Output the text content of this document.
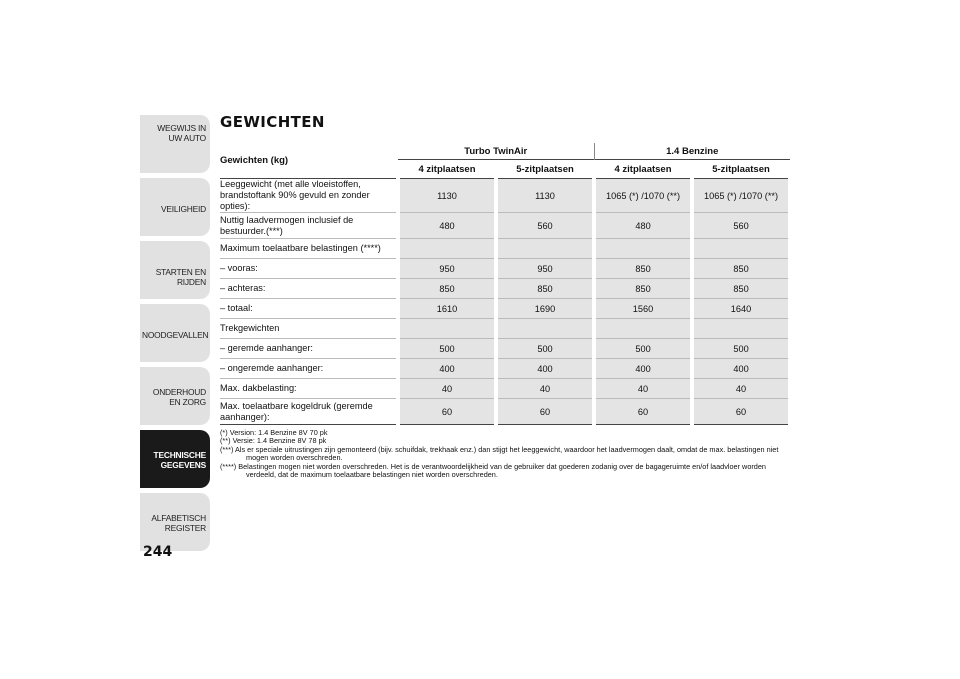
WEGWIJS IN UW AUTO
VEILIGHEID
STARTEN EN RIJDEN
NOODGEVALLEN
ONDERHOUD EN ZORG
TECHNISCHE GEGEVENS
ALFABETISCH REGISTER
244
GEWICHTEN
Gewichten (kg)	Turbo TwinAir		1.4 Benzine	
	4 zitplaatsen	5-zitplaatsen	4 zitplaatsen	5-zitplaatsen
Leeggewicht (met alle vloeistoffen, brandstoftank 90% gevuld en zonder opties):	1130	1130	1065 (*) /1070 (**)	1065 (*) /1070 (**)
Nuttig laadvermogen inclusief de bestuurder.(***)	480	560	480	560
Maximum toelaatbare belastingen (****)				
– vooras:	950	950	850	850
– achteras:	850	850	850	850
– totaal:	1610	1690	1560	1640
Trekgewichten				
– geremde aanhanger:	500	500	500	500
– ongeremde aanhanger:	400	400	400	400
Max. dakbelasting:	40	40	40	40
Max. toelaatbare kogeldruk (geremde aanhanger):	60	60	60	60
(*) Version: 1.4 Benzine 8V 70 pk
(**) Versie: 1.4 Benzine 8V 78 pk
(***) Als er speciale uitrustingen zijn gemonteerd (bijv. schuifdak, trekhaak enz.) dan stijgt het leeggewicht, waardoor het laadvermogen daalt, omdat de max. belastingen niet mogen worden overschreden.
(****) Belastingen mogen niet worden overschreden. Het is de verantwoordelijkheid van de gebruiker dat goederen zodanig over de bagageruimte en/of laadvloer worden verdeeld, dat de maximum toelaatbare belastingen niet worden overschreden.
